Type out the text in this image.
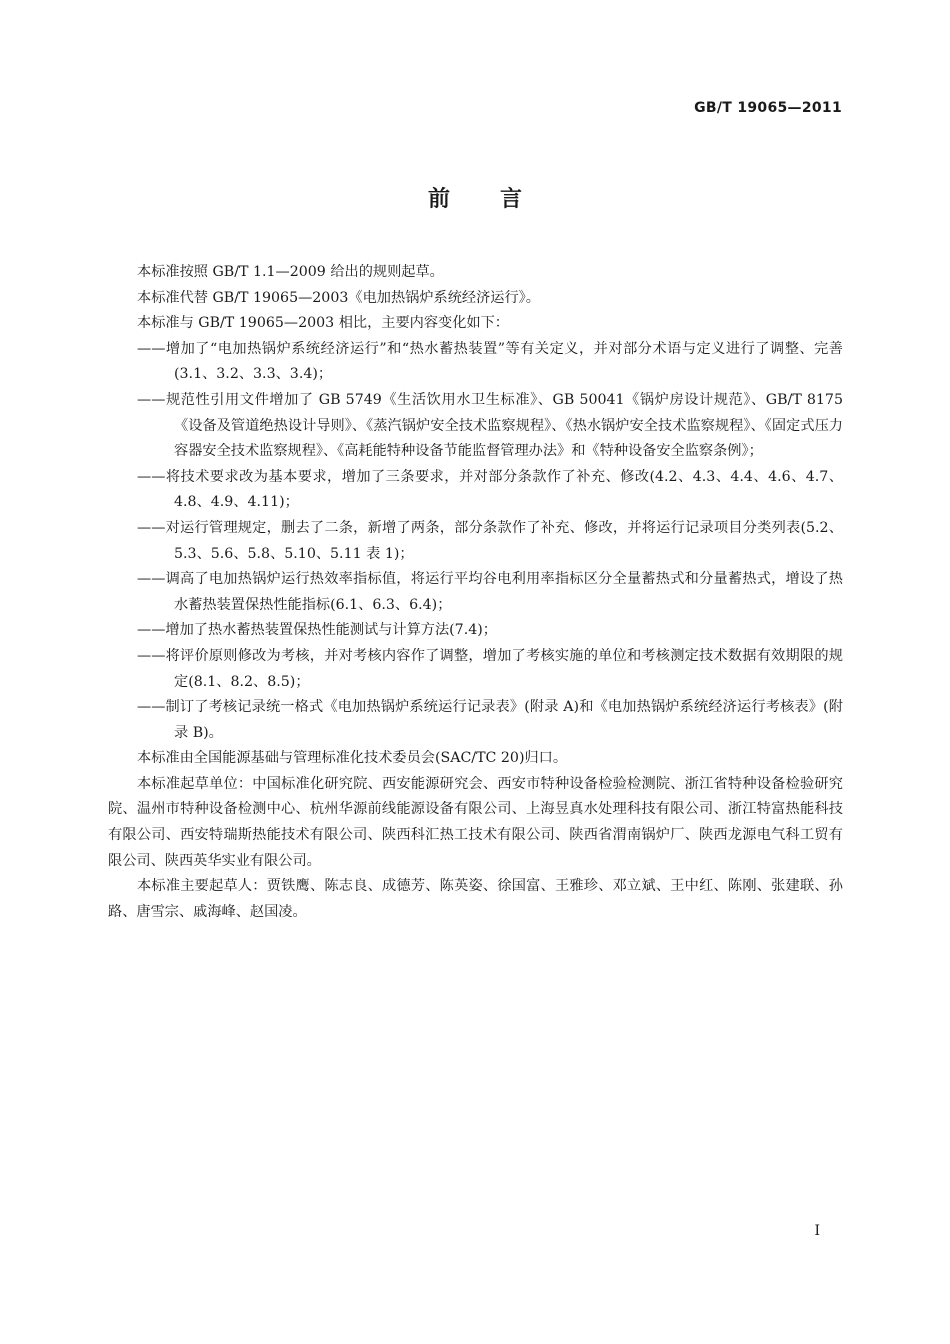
GB/T 19065—2011
前言

本标准按照 GB/T 1.1—2009 给出的规则起草。

本标准代替 GB/T 19065—2003《电加热锅炉系统经济运行》。

本标准与 GB/T 19065—2003 相比，主要内容变化如下：

——增加了“电加热锅炉系统经济运行”和“热水蓄热装置”等有关定义，并对部分术语与定义进行了调整、完善(3.1、3.2、3.3、3.4)；

——规范性引用文件增加了 GB 5749《生活饮用水卫生标准》、GB 50041《锅炉房设计规范》、GB/T 8175《设备及管道绝热设计导则》、《蒸汽锅炉安全技术监察规程》、《热水锅炉安全技术监察规程》、《固定式压力容器安全技术监察规程》、《高耗能特种设备节能监督管理办法》和《特种设备安全监察条例》；

——将技术要求改为基本要求，增加了三条要求，并对部分条款作了补充、修改(4.2、4.3、4.4、4.6、4.7、4.8、4.9、4.11)；

——对运行管理规定，删去了二条，新增了两条，部分条款作了补充、修改，并将运行记录项目分类列表(5.2、5.3、5.6、5.8、5.10、5.11 表 1)；

——调高了电加热锅炉运行热效率指标值，将运行平均谷电利用率指标区分全量蓄热式和分量蓄热式，增设了热水蓄热装置保热性能指标(6.1、6.3、6.4)；

——增加了热水蓄热装置保热性能测试与计算方法(7.4)；

——将评价原则修改为考核，并对考核内容作了调整，增加了考核实施的单位和考核测定技术数据有效期限的规定(8.1、8.2、8.5)；

——制订了考核记录统一格式《电加热锅炉系统运行记录表》(附录 A)和《电加热锅炉系统经济运行考核表》(附录 B)。

本标准由全国能源基础与管理标准化技术委员会(SAC/TC 20)归口。

本标准起草单位：中国标准化研究院、西安能源研究会、西安市特种设备检验检测院、浙江省特种设备检验研究院、温州市特种设备检测中心、杭州华源前线能源设备有限公司、上海昱真水处理科技有限公司、浙江特富热能科技有限公司、西安特瑞斯热能技术有限公司、陕西科汇热工技术有限公司、陕西省渭南锅炉厂、陕西龙源电气科工贸有限公司、陕西英华实业有限公司。

本标准主要起草人：贾铁鹰、陈志良、成德芳、陈英姿、徐国富、王雅珍、邓立斌、王中红、陈刚、张建联、孙路、唐雪宗、戚海峰、赵国凌。

I
